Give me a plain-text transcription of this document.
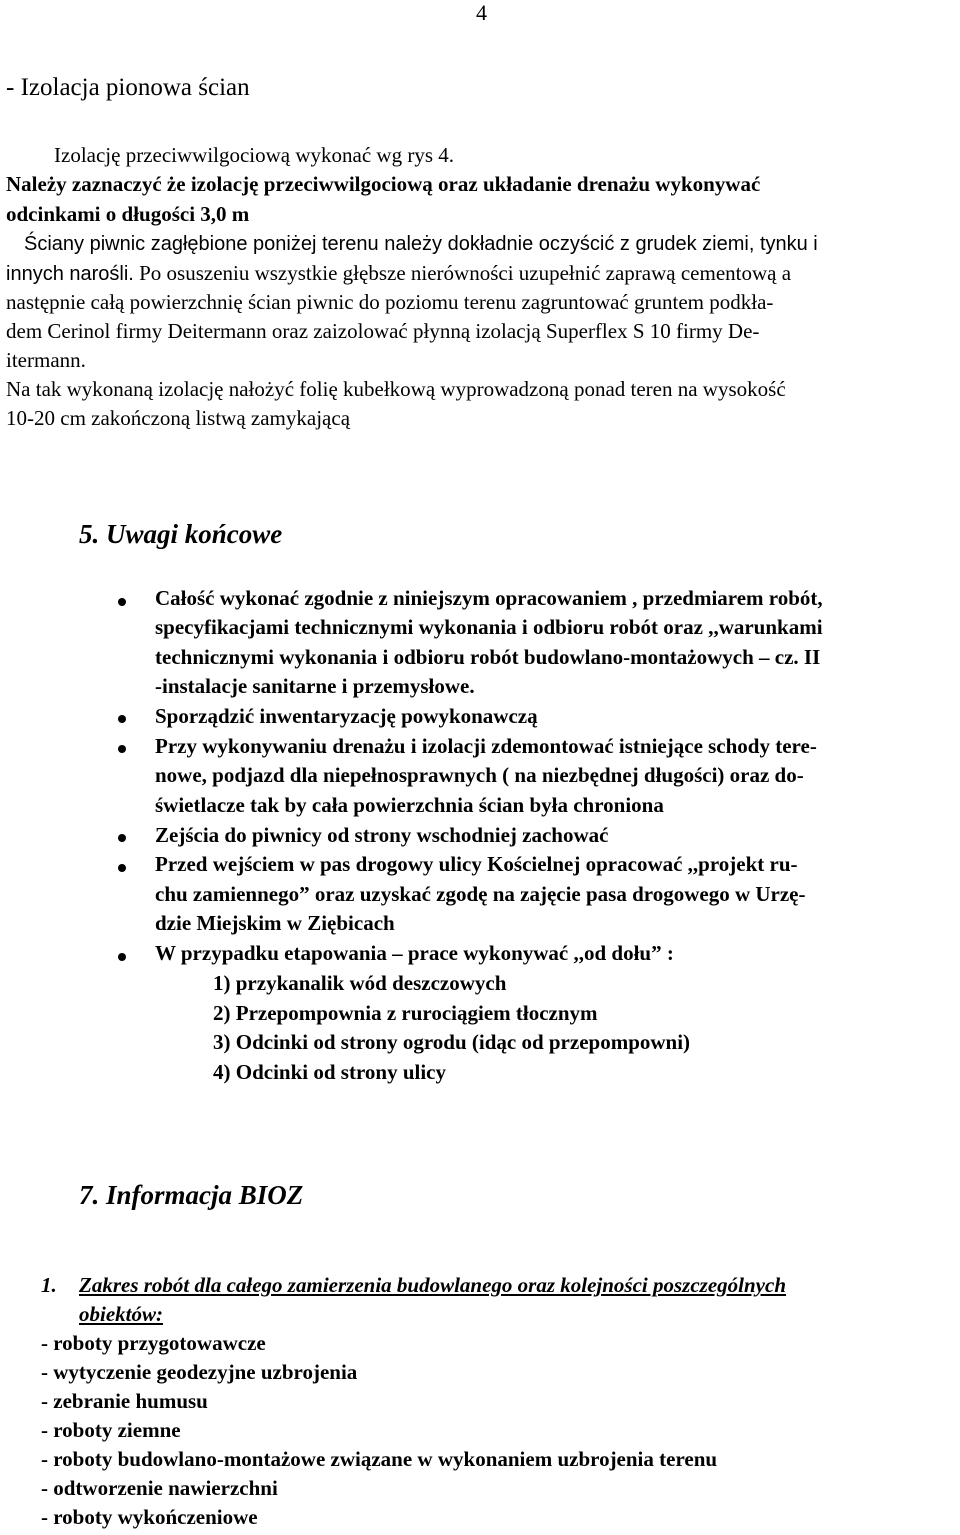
4
- Izolacja pionowa ścian
Izolację przeciwwilgociową wykonać wg rys 4.
Należy zaznaczyć że izolację przeciwwilgociową oraz układanie drenażu wykonywać
odcinkami o długości 3,0 m
Ściany piwnic zagłębione poniżej terenu należy dokładnie oczyścić z grudek ziemi, tynku i
innych narośli. Po osuszeniu wszystkie głębsze nierówności uzupełnić zaprawą cementową a
następnie całą powierzchnię ścian piwnic do poziomu terenu zagruntować gruntem podkła-
dem Cerinol firmy Deitermann oraz zaizolować płynną izolacją Superflex S 10 firmy De-
itermann.
Na tak wykonaną izolację nałożyć folię kubełkową wyprowadzoną ponad teren na wysokość
10-20 cm zakończoną listwą zamykającą
5. Uwagi końcowe
Całość wykonać zgodnie z niniejszym opracowaniem , przedmiarem robót,
specyfikacjami technicznymi wykonania i odbioru robót oraz ,,warunkami
technicznymi wykonania i odbioru robót budowlano-montażowych – cz. II
-instalacje sanitarne i przemysłowe.
Sporządzić inwentaryzację powykonawczą
Przy wykonywaniu drenażu i izolacji zdemontować istniejące schody tere-
nowe, podjazd dla niepełnosprawnych ( na niezbędnej długości) oraz do-
świetlacze tak by cała powierzchnia ścian była chroniona
Zejścia do piwnicy od strony wschodniej zachować
Przed wejściem w pas drogowy ulicy Kościelnej opracować ,,projekt ru-
chu zamiennego” oraz uzyskać zgodę na zajęcie pasa drogowego w Urzę-
dzie Miejskim w Ziębicach
W przypadku etapowania – prace wykonywać ,,od dołu” :
1) przykanalik wód deszczowych
2) Przepompownia z rurociągiem tłocznym
3) Odcinki od strony ogrodu (idąc od przepompowni)
4) Odcinki od strony ulicy
7. Informacja BIOZ
1. Zakres robót dla całego zamierzenia budowlanego oraz kolejności poszczególnych
obiektów:
- roboty przygotowawcze
- wytyczenie geodezyjne uzbrojenia
- zebranie humusu
- roboty ziemne
- roboty budowlano-montażowe związane w wykonaniem uzbrojenia terenu
- odtworzenie nawierzchni
- roboty wykończeniowe
